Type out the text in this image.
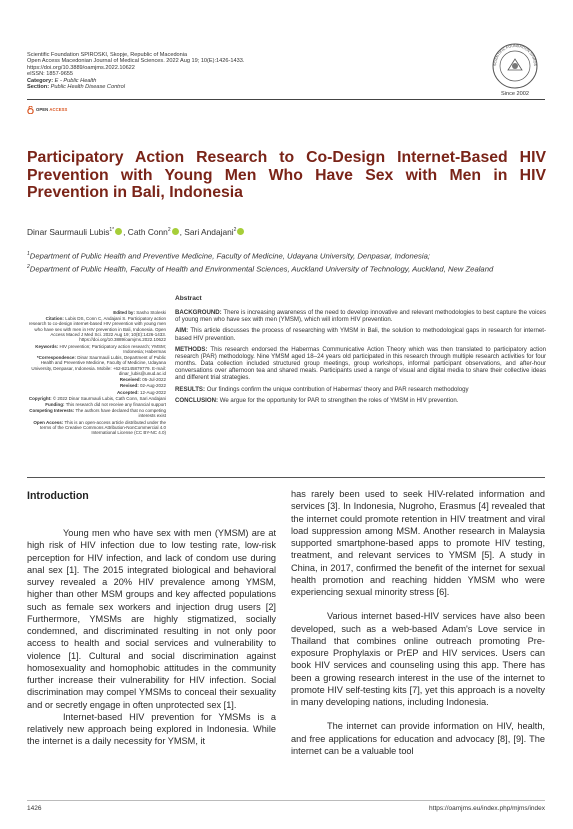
Scientific Foundation SPIROSKI, Skopje, Republic of Macedonia
Open Access Macedonian Journal of Medical Sciences. 2022 Aug 19; 10(E):1426-1433.
https://doi.org/10.3889/oamjms.2022.10622
eISSN: 1857-9655
Category: E - Public Health
Section: Public Health Disease Control
SCIENTIFIC FOUNDATION SPIROS
Since 2002
OPEN ACCESS
Participatory Action Research to Co-Design Internet-Based HIV Prevention with Young Men Who Have Sex with Men in HIV Prevention in Bali, Indonesia
Dinar Saurmauli Lubis$^{1*}$ , Cath Conn$^2$ , Sari Andajani$^2$
$^1$Department of Public Health and Preventive Medicine, Faculty of Medicine, Udayana University, Denpasar, Indonesia;
$^2$Department of Public Health, Faculty of Health and Environmental Sciences, Auckland University of Technology, Auckland, New Zealand

Edited by: Sasho Stoleski

Citation: Lubis DS, Conn C, Andajani S. Participatory action research to co-design internet-based HIV prevention with young men who have sex with men in HIV prevention in Bali, Indonesia. Open Access Maced J Med Sci. 2022 Aug 19; 10(E):1426-1433. https://doi.org/10.3889/oamjms.2022.10622

Keywords: HIV prevention; Participatory action research; YMSM; Indonesia; Habermas

*Correspondence: Dinar Saurmauli Lubis, Department of Public Health and Preventive Medicine, Faculty of Medicine, Udayana University, Denpasar, Indonesia. Mobile: +62-82145879779. E-mail: dinar_lubis@unud.ac.id

Received: 05-Jul-2022

Revised: 02-Aug-2022

Accepted: 12-Aug-2022

Copyright: © 2022 Dinar Saurmauli Lubis, Cath Conn, Sari Andajani

Funding: This research did not receive any financial support

Competing Interests: The authors have declared that no competing interests exist

Open Access: This is an open-access article distributed under the terms of the Creative Commons Attribution-NonCommercial 4.0 International License (CC BY-NC 4.0)

Abstract

BACKGROUND: There is increasing awareness of the need to develop innovative and relevant methodologies to best capture the voices of young men who have sex with men (YMSM), which will inform HIV prevention.

AIM: This article discusses the process of researching with YMSM in Bali, the solution to methodological gaps in research for internet-based HIV prevention.

METHODS: This research endorsed the Habermas Communicative Action Theory which was then translated to participatory action research (PAR) methodology. Nine YMSM aged 18–24 years old participated in this research through multiple research activities for four months. Data collection included structured group meetings, group workshops, informal participant observations, and after-hour conversations over afternoon tea and shared meals. Participants used a range of visual and digital media to share their collective ideas and different trial strategies.

RESULTS: Our findings confirm the unique contribution of Habermas' theory and PAR research methodology

CONCLUSION: We argue for the opportunity for PAR to strengthen the roles of YMSM in HIV prevention.

Introduction

Young men who have sex with men (YMSM) are at high risk of HIV infection due to low testing rate, low-risk perception for HIV infection, and lack of condom use during anal sex [1]. The 2015 integrated biological and behavioral survey revealed a 20% HIV prevalence among YMSM, higher than other MSM groups and key affected populations such as female sex workers and injection drug users [2] Furthermore, YMSMs are highly stigmatized, socially condemned, and discriminated resulting in not only poor access to health and social services and vulnerability to violence [1]. Cultural and social discrimination against homosexuality and homophobic attitudes in the community further increase their vulnerability for HIV infection. Social discrimination may compel YMSMs to conceal their sexuality and or secretly engage in often unprotected sex [1].

Internet-based HIV prevention for YMSMs is a relatively new approach being explored in Indonesia. While the internet is a daily necessity for YMSM, it

has rarely been used to seek HIV-related information and services [3]. In Indonesia, Nugroho, Erasmus [4] revealed that the internet could promote retention in HIV treatment and viral load suppression among MSM. Another research in Malaysia supported smartphone-based apps to promote HIV testing, treatment, and relevant services to YMSM [5]. A study in China, in 2017, confirmed the benefit of the internet for sexual health promotion and reaching hidden YMSM who were experiencing sexual minority stress [6].

Various internet based-HIV services have also been developed, such as a web-based Adam's Love service in Thailand that combines online outreach promoting Pre-exposure Prophylaxis or PrEP and HIV services. Users can book HIV services and counseling using this app. There has been a growing research interest in the use of the internet to promote HIV self-testing kits [7], yet this approach is a novelty in many developing nations, including Indonesia.

The internet can provide information on HIV, health, and free applications for education and advocacy [8], [9]. The internet can be a valuable tool

1426	https://oamjms.eu/index.php/mjms/index
